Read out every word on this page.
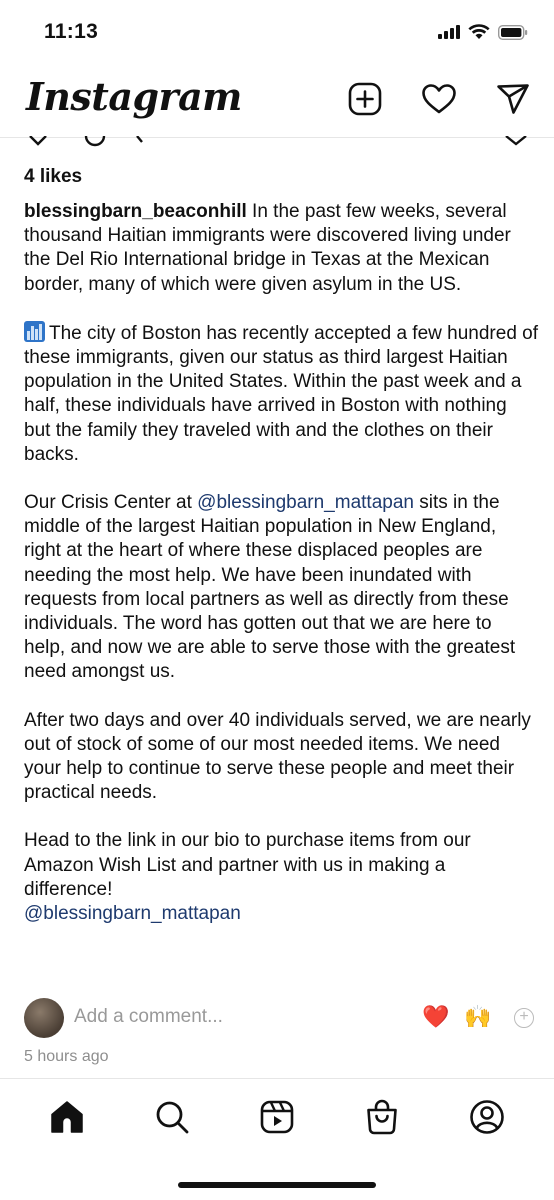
11:13
Instagram
4 likes

blessingbarn_beaconhill In the past few weeks, several thousand Haitian immigrants were discovered living under the Del Rio International bridge in Texas at the Mexican border, many of which were given asylum in the US.

The city of Boston has recently accepted a few hundred of these immigrants, given our status as third largest Haitian population in the United States. Within the past week and a half, these individuals have arrived in Boston with nothing but the family they traveled with and the clothes on their backs.

Our Crisis Center at @blessingbarn_mattapan sits in the middle of the largest Haitian population in New England, right at the heart of where these displaced peoples are needing the most help. We have been inundated with requests from local partners as well as directly from these individuals. The word has gotten out that we are here to help, and now we are able to serve those with the greatest need amongst us.

After two days and over 40 individuals served, we are nearly out of stock of some of our most needed items. We need your help to continue to serve these people and meet their practical needs.

Head to the link in our bio to purchase items from our Amazon Wish List and partner with us in making a difference!
@blessingbarn_mattapan

Add a comment...
❤️ 🙌	+
5 hours ago
